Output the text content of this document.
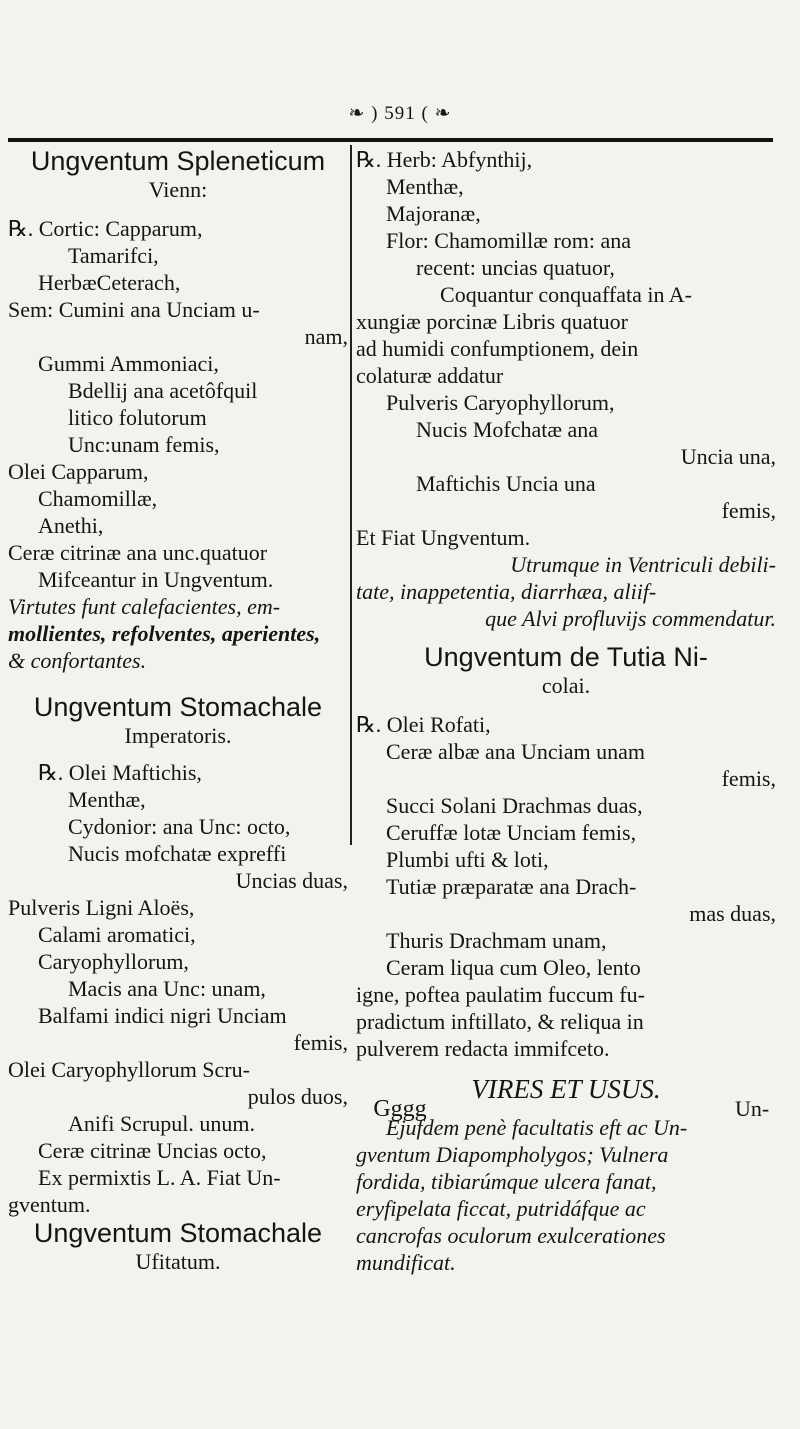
❧ ) 591 ( ❧
Ungventum Spleneticum
Vienn:
℞. Cortic: Capparum,
Tamarifci,
HerbæCeterach,
Sem: Cumini ana Unciam u-
nam,
Gummi Ammoniaci,
Bdellij ana acetôfquil
litico folutorum
Unc:unam femis,
Olei Capparum,
Chamomillæ,
Anethi,
Ceræ citrinæ ana unc.quatuor
Mifceantur in Ungventum.
Virtutes funt calefacientes, em-
mollientes, refolventes, aperientes,
& confortantes.
Ungventum Stomachale
Imperatoris.
℞. Olei Maftichis,
Menthæ,
Cydonior: ana Unc: octo,
Nucis mofchatæ expreffi
Uncias duas,
Pulveris Ligni Aloës,
Calami aromatici,
Caryophyllorum,
Macis ana Unc: unam,
Balfami indici nigri Unciam
femis,
Olei Caryophyllorum Scru-
pulos duos,
Anifi Scrupul. unum.
Ceræ citrinæ Uncias octo,
Ex permixtis L. A. Fiat Un-
gventum.
Ungventum Stomachale
Ufitatum.
℞. Herb: Abfynthij,
Menthæ,
Majoranæ,
Flor: Chamomillæ rom: ana
recent: uncias quatuor,
Coquantur conquaffata in A-
xungiæ porcinæ Libris quatuor
ad humidi confumptionem, dein
colaturæ addatur
Pulveris Caryophyllorum,
Nucis Mofchatæ ana
Uncia una,
Maftichis Uncia una
femis,
Et Fiat Ungventum.
Utrumque in Ventriculi debili-
tate, inappetentia, diarrhæa, aliif-
que Alvi profluvijs commendatur.
Ungventum de Tutia Ni-
colai.
℞. Olei Rofati,
Ceræ albæ ana Unciam unam
femis,
Succi Solani Drachmas duas,
Ceruffæ lotæ Unciam femis,
Plumbi ufti & loti,
Tutiæ præparatæ ana Drach-
mas duas,
Thuris Drachmam unam,
Ceram liqua cum Oleo, lento
igne, poftea paulatim fuccum fu-
pradictum inftillato, & reliqua in
pulverem redacta immifceto.
VIRES ET USUS.
Ejufdem penè facultatis eft ac Un-
gventum Diapompholygos; Vulnera
fordida, tibiarúmque ulcera fanat,
eryfipelata ficcat, putridáfque ac
cancrofas oculorum exulcerationes
mundificat.
Gggg	Un-
